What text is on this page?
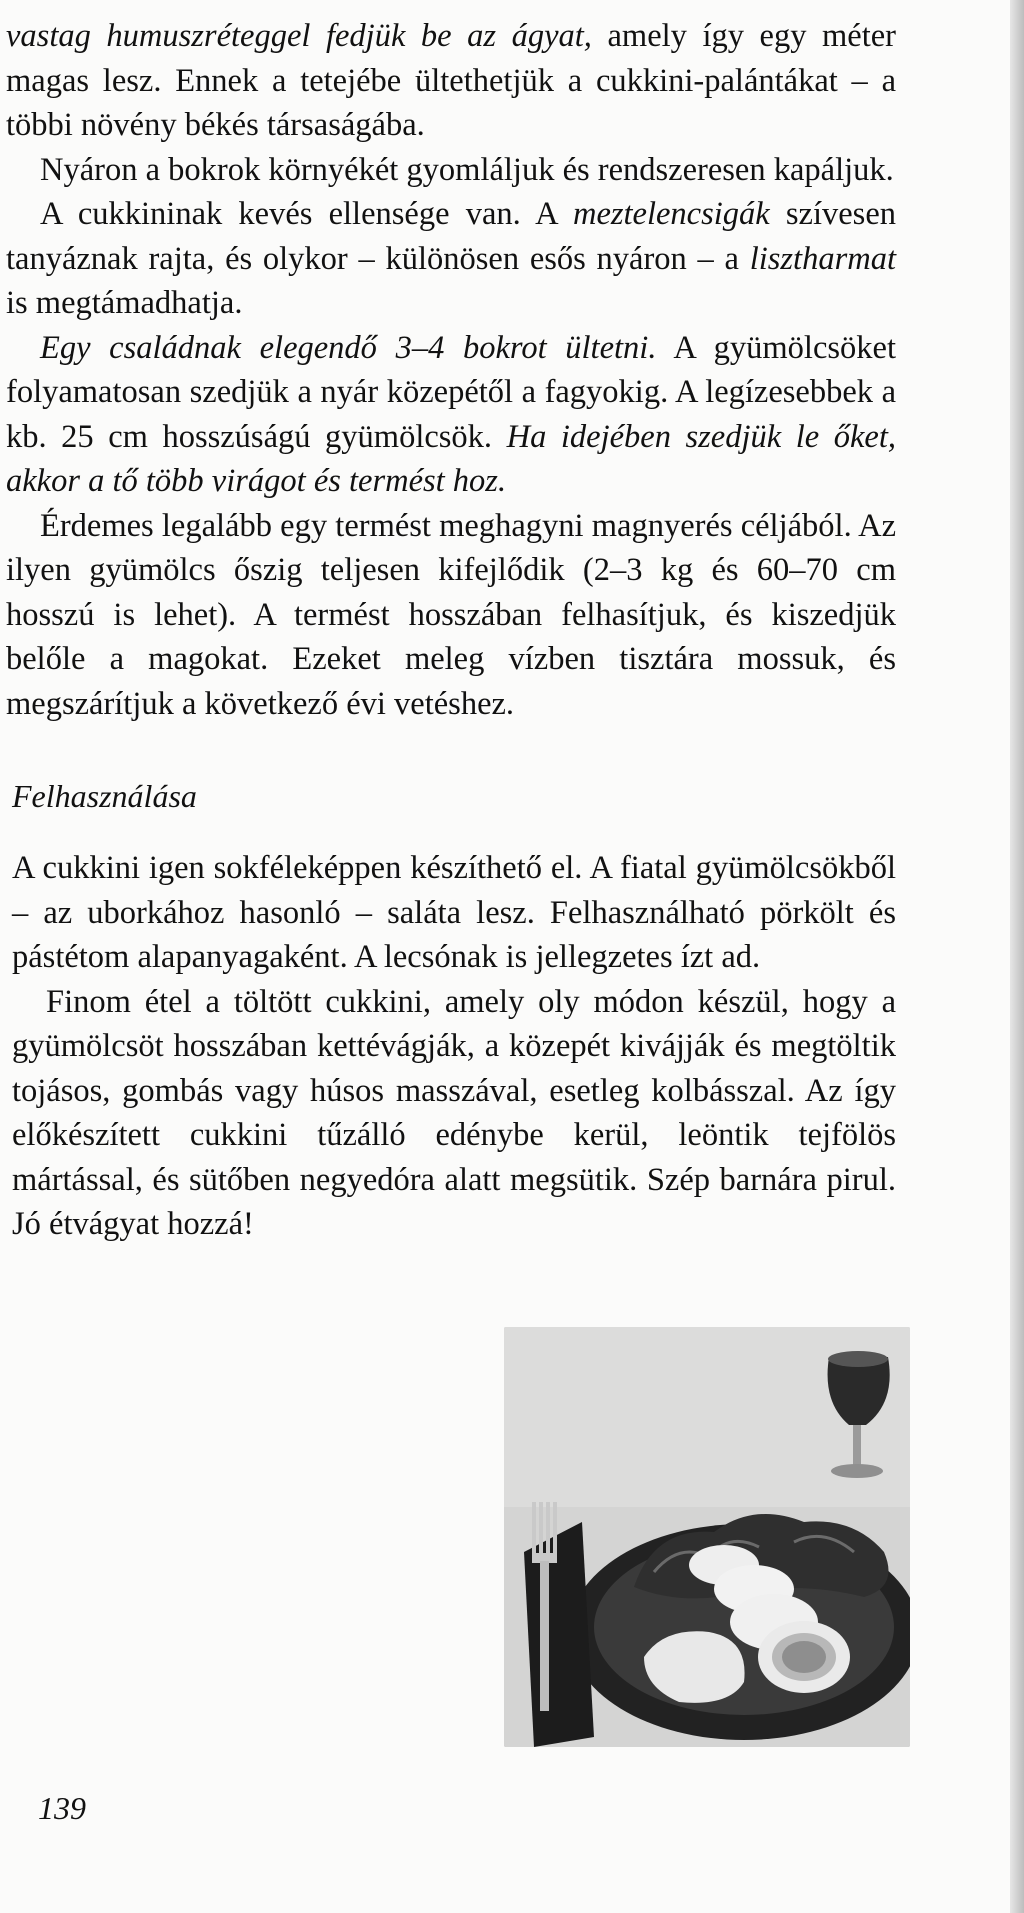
vastag humuszréteggel fedjük be az ágyat, amely így egy méter magas lesz. Ennek a tetejébe ültethetjük a cukkini-palántákat – a többi növény békés társaságába.

Nyáron a bokrok környékét gyomláljuk és rendszeresen kapáljuk.

A cukkininak kevés ellensége van. A meztelencsigák szívesen tanyáznak rajta, és olykor – különösen esős nyáron – a lisztharmat is megtámadhatja.

Egy családnak elegendő 3–4 bokrot ültetni. A gyümölcsöket folyamatosan szedjük a nyár közepétől a fagyokig. A legízesebbek a kb. 25 cm hosszúságú gyümölcsök. Ha idejében szedjük le őket, akkor a tő több virágot és termést hoz.

Érdemes legalább egy termést meghagyni magnyerés céljából. Az ilyen gyümölcs őszig teljesen kifejlődik (2–3 kg és 60–70 cm hosszú is lehet). A termést hosszában felhasítjuk, és kiszedjük belőle a magokat. Ezeket meleg vízben tisztára mossuk, és megszárítjuk a következő évi vetéshez.

Felhasználása

A cukkini igen sokféleképpen készíthető el. A fiatal gyümölcsökből – az uborkához hasonló – saláta lesz. Felhasználható pörkölt és pástétom alapanyagaként. A lecsónak is jellegzetes ízt ad.

Finom étel a töltött cukkini, amely oly módon készül, hogy a gyümölcsöt hosszában kettévágják, a közepét kivájják és megtöltik tojásos, gombás vagy húsos masszával, esetleg kolbásszal. Az így előkészített cukkini tűzálló edénybe kerül, leöntik tejfölös mártással, és sütőben negyedóra alatt megsütik. Szép barnára pirul. Jó étvágyat hozzá!

139
